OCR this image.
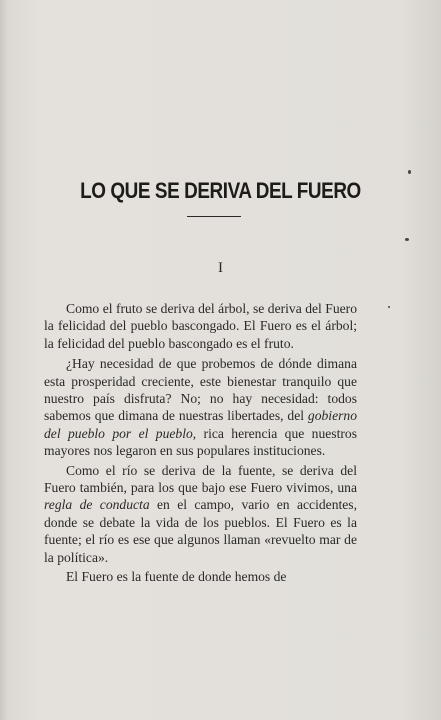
LO QUE SE DERIVA DEL FUERO
I

Como el fruto se deriva del árbol, se deriva del Fuero la felicidad del pueblo bascongado. El Fuero es el árbol; la felicidad del pueblo bascongado es el fruto.

¿Hay necesidad de que probemos de dónde dimana esta prosperidad creciente, este bienestar tranquilo que nuestro país disfruta? No; no hay necesidad: todos sabemos que dimana de nuestras libertades, del gobierno del pueblo por el pueblo, rica herencia que nuestros mayores nos legaron en sus populares instituciones.

Como el río se deriva de la fuente, se deriva del Fuero también, para los que bajo ese Fuero vivimos, una regla de conducta en el campo, vario en accidentes, donde se debate la vida de los pueblos. El Fuero es la fuente; el río es ese que algunos llaman «revuelto mar de la política».

El Fuero es la fuente de donde hemos de
